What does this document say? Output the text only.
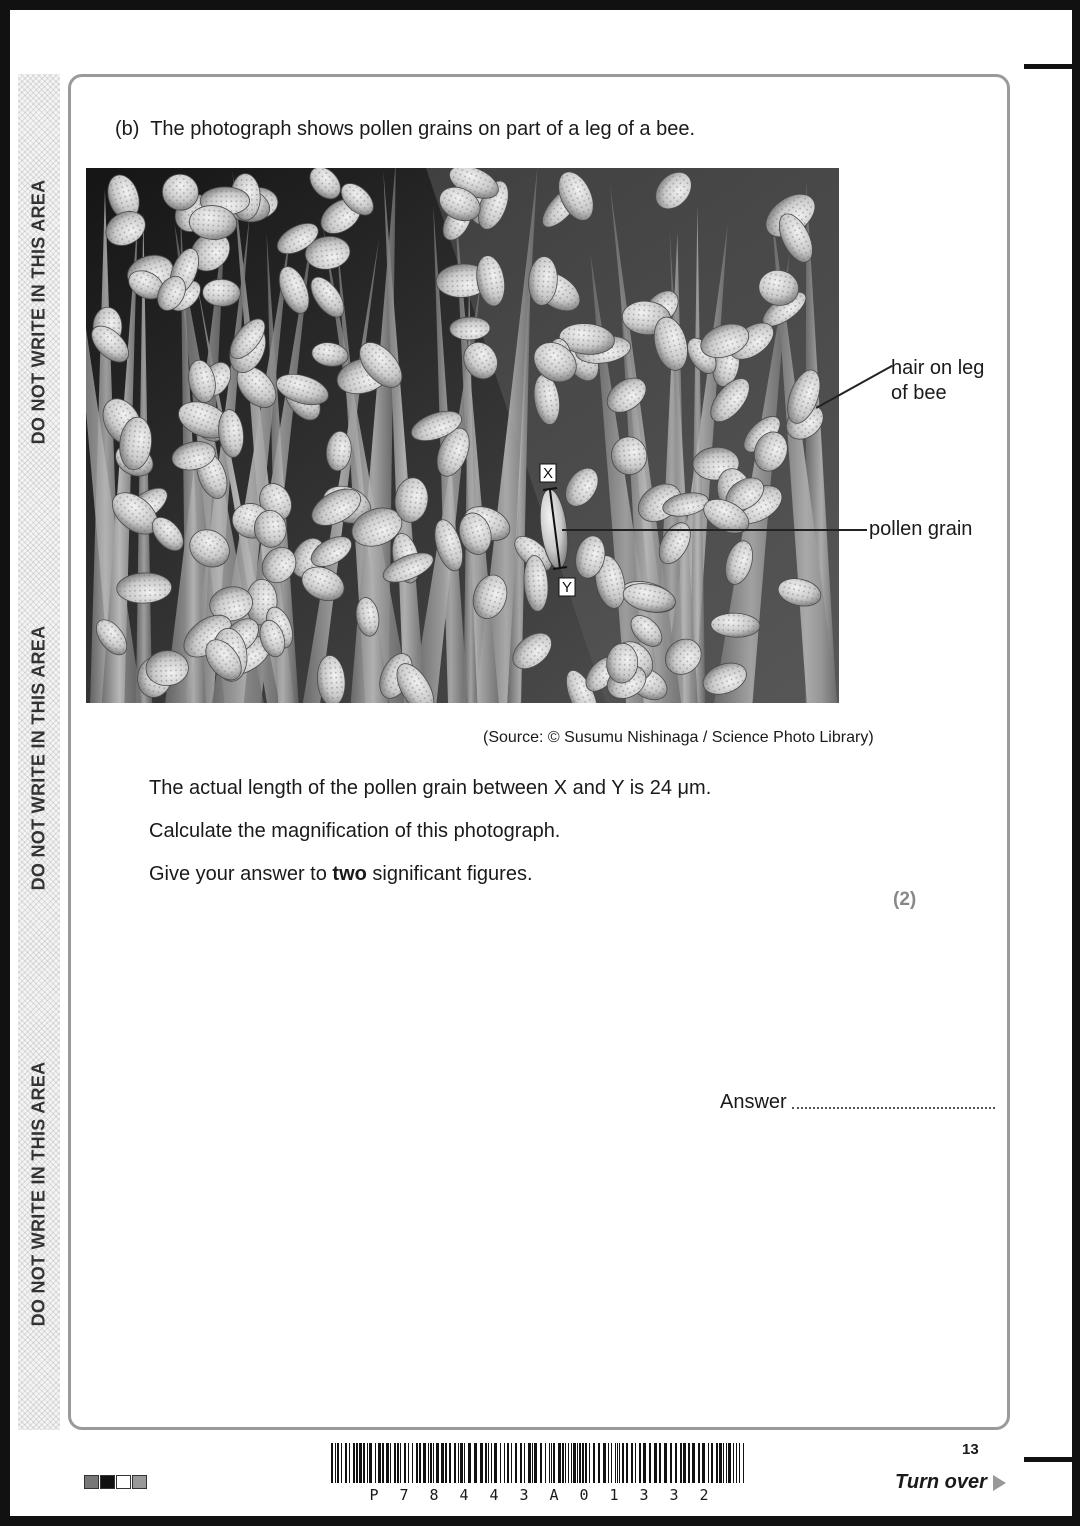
DO NOT WRITE IN THIS AREA
DO NOT WRITE IN THIS AREA
DO NOT WRITE IN THIS AREA
(b) The photograph shows pollen grains on part of a leg of a bee.
X
Y
hair on leg
of bee
pollen grain
(Source: © Susumu Nishinaga / Science Photo Library)
The actual length of the pollen grain between X and Y is 24 μm.
Calculate the magnification of this photograph.
Give your answer to two significant figures.
(2)
Answer
P 7 8 4 4 3 A 0 1 3 3 2
13
Turn over
